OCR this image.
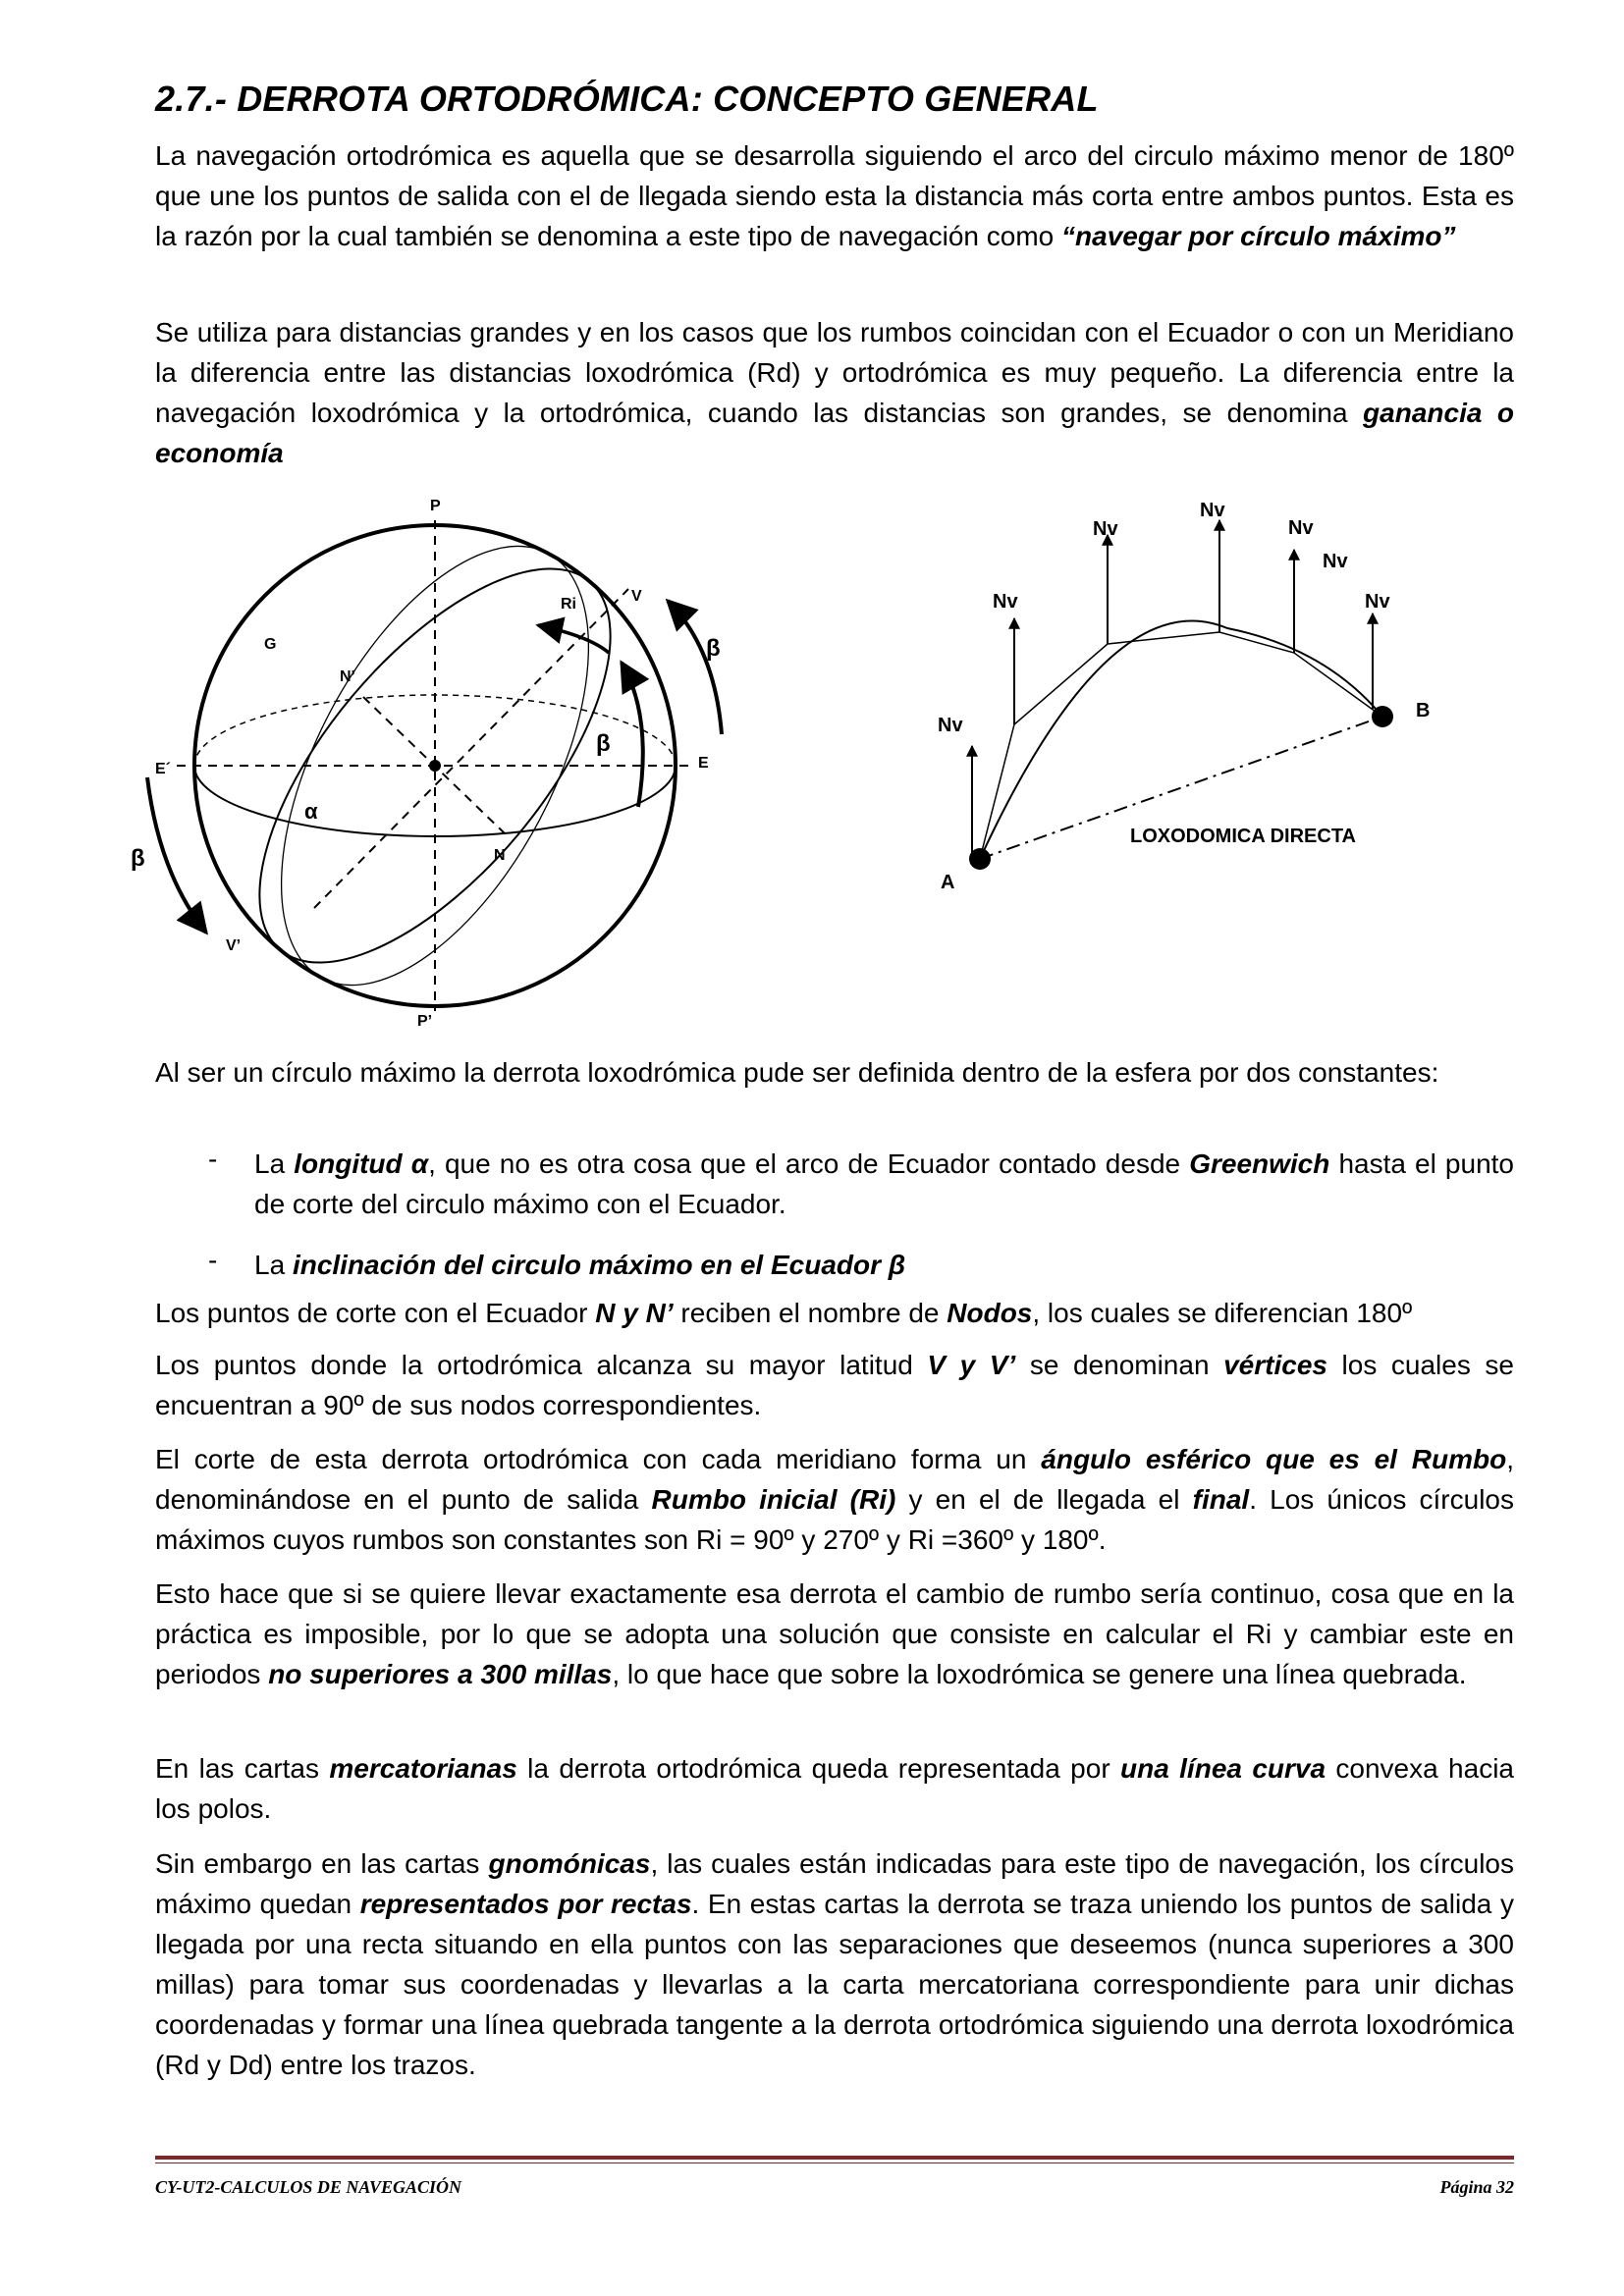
2.7.- DERROTA ORTODRÓMICA: CONCEPTO GENERAL
La navegación ortodrómica es aquella que se desarrolla siguiendo el arco del circulo máximo menor de 180º que une los puntos de salida con el de llegada siendo esta la distancia más corta entre ambos puntos. Esta es la razón por la cual también se denomina a este tipo de navegación como “navegar por círculo máximo”
Se utiliza para distancias grandes y en los casos que los rumbos coincidan con el Ecuador o con un Meridiano la diferencia entre las distancias loxodrómica (Rd) y ortodrómica es muy pequeño. La diferencia entre la navegación loxodrómica y la ortodrómica, cuando las distancias son grandes, se denomina ganancia o economía
P
P’
E
E´
N
N’
G
V
V’
Ri
α
β
β
β
Nv
Nv
Nv
Nv
Nv
Nv
Nv
A
B
LOXODOMICA DIRECTA
Al ser un círculo máximo la derrota loxodrómica pude ser definida dentro de la esfera por dos constantes:
- La longitud α, que no es otra cosa que el arco de Ecuador contado desde Greenwich hasta el punto de corte del circulo máximo con el Ecuador.
- La inclinación del circulo máximo en el Ecuador β
Los puntos de corte con el Ecuador N y N’ reciben el nombre de Nodos, los cuales se diferencian 180º
Los puntos donde la ortodrómica alcanza su mayor latitud V y V’ se denominan vértices los cuales se encuentran a 90º de sus nodos correspondientes.
El corte de esta derrota ortodrómica con cada meridiano forma un ángulo esférico que es el Rumbo, denominándose en el punto de salida Rumbo inicial (Ri) y en el de llegada el final. Los únicos círculos máximos cuyos rumbos son constantes son Ri = 90º y 270º y Ri =360º y 180º.
Esto hace que si se quiere llevar exactamente esa derrota el cambio de rumbo sería continuo, cosa que en la práctica es imposible, por lo que se adopta una solución que consiste en calcular el Ri y cambiar este en periodos no superiores a 300 millas, lo que hace que sobre la loxodrómica se genere una línea quebrada.
En las cartas mercatorianas la derrota ortodrómica queda representada por una línea curva convexa hacia los polos.
Sin embargo en las cartas gnomónicas, las cuales están indicadas para este tipo de navegación, los círculos máximo quedan representados por rectas. En estas cartas la derrota se traza uniendo los puntos de salida y llegada por una recta situando en ella puntos con las separaciones que deseemos (nunca superiores a 300 millas) para tomar sus coordenadas y llevarlas a la carta mercatoriana correspondiente para unir dichas coordenadas y formar una línea quebrada tangente a la derrota ortodrómica siguiendo una derrota loxodrómica (Rd y Dd) entre los trazos.
CY-UT2-CALCULOS DE NAVEGACIÓN	Página 32
